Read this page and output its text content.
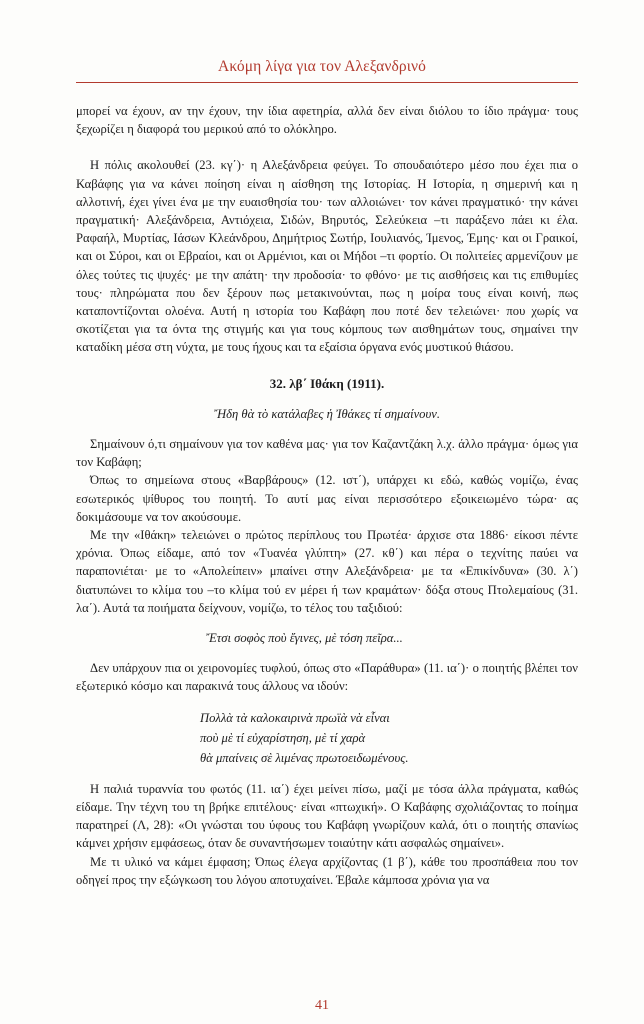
Ακόμη λίγα για τον Αλεξανδρινό

μπορεί να έχουν, αν την έχουν, την ίδια αφετηρία, αλλά δεν είναι διόλου το ίδιο πράγμα· τους ξεχωρίζει η διαφορά του μερικού από το ολόκληρο.

Η πόλις ακολουθεί (23. κγ΄)· η Αλεξάνδρεια φεύγει. Το σπουδαιότερο μέσο που έχει πια ο Καβάφης για να κάνει ποίηση είναι η αίσθηση της Ιστορίας. Η Ιστορία, η σημερινή και η αλλοτινή, έχει γίνει ένα με την ευαισθησία του· των αλλοιώνει· τον κάνει πραγματικό· την κάνει πραγματική· Αλεξάνδρεια, Αντιόχεια, Σιδών, Βηρυτός, Σελεύκεια –τι παράξενο πάει κι έλα. Ραφαήλ, Μυρτίας, Ιάσων Κλεάνδρου, Δημήτριος Σωτήρ, Ιουλιανός, Ίμενος, Έμης· και οι Γραικοί, και οι Σύροι, και οι Εβραίοι, και οι Αρμένιοι, και οι Μήδοι –τι φορτίο. Οι πολιτείες αρμενίζουν με όλες τούτες τις ψυχές· με την απάτη· την προδοσία· το φθόνο· με τις αισθήσεις και τις επιθυμίες τους· πληρώματα που δεν ξέρουν πως μετακινούνται, πως η μοίρα τους είναι κοινή, πως καταποντίζονται ολοένα. Αυτή η ιστορία του Καβάφη που ποτέ δεν τελειώνει· που χωρίς να σκοτίζεται για τα όντα της στιγμής και για τους κόμπους των αισθημάτων τους, σημαίνει την καταδίκη μέσα στη νύχτα, με τους ήχους και τα εξαίσια όργανα ενός μυστικού θιάσου.

32. λβ΄ Ιθάκη (1911).

Ἤδη θὰ τὸ κατάλαβες ἡ Ἰθάκες τί σημαίνουν.

Σημαίνουν ό,τι σημαίνουν για τον καθένα μας· για τον Καζαντζάκη λ.χ. άλλο πράγμα· όμως για τον Καβάφη;

Όπως το σημείωνα στους «Βαρβάρους» (12. ιστ΄), υπάρχει κι εδώ, καθώς νομίζω, ένας εσωτερικός ψίθυρος του ποιητή. Το αυτί μας είναι περισσότερο εξοικειωμένο τώρα· ας δοκιμάσουμε να τον ακούσουμε.

Με την «Ιθάκη» τελειώνει ο πρώτος περίπλους του Πρωτέα· άρχισε στα 1886· είκοσι πέντε χρόνια. Όπως είδαμε, από τον «Τυανέα γλύπτη» (27. κθ΄) και πέρα ο τεχνίτης παύει να παραπονιέται· με το «Απολείπειν» μπαίνει στην Αλεξάνδρεια· με τα «Επικίνδυνα» (30. λ΄) διατυπώνει το κλίμα του –το κλίμα τού εν μέρει ή των κραμάτων· δόξα στους Πτολεμαίους (31. λα΄). Αυτά τα ποιήματα δείχνουν, νομίζω, το τέλος του ταξιδιού:

Ἔτσι σοφὸς ποὺ ἔγινες, μὲ τόση πεῖρα...

Δεν υπάρχουν πια οι χειρονομίες τυφλού, όπως στο «Παράθυρα» (11. ια΄)· ο ποιητής βλέπει τον εξωτερικό κόσμο και παρακινά τους άλλους να ιδούν:

Πολλὰ τὰ καλοκαιρινὰ πρωϊὰ νὰ εἶναι
ποὺ μὲ τί εὐχαρίστηση, μὲ τί χαρὰ
θὰ μπαίνεις σὲ λιμένας πρωτοειδωμένους.

Η παλιά τυραννία του φωτός (11. ια΄) έχει μείνει πίσω, μαζί με τόσα άλλα πράγματα, καθώς είδαμε. Την τέχνη του τη βρήκε επιτέλους· είναι «πτωχική». Ο Καβάφης σχολιάζοντας το ποίημα παρατηρεί (Λ, 28): «Οι γνώσται του ύφους του Καβάφη γνωρίζουν καλά, ότι ο ποιητής σπανίως κάμνει χρήσιν εμφάσεως, όταν δε συναντήσωμεν τοιαύτην κάτι ασφαλώς σημαίνει».

Με τι υλικό να κάμει έμφαση; Όπως έλεγα αρχίζοντας (1 β΄), κάθε του προσπάθεια που τον οδηγεί προς την εξώγκωση του λόγου αποτυχαίνει. Έβαλε κάμποσα χρόνια για να

41
